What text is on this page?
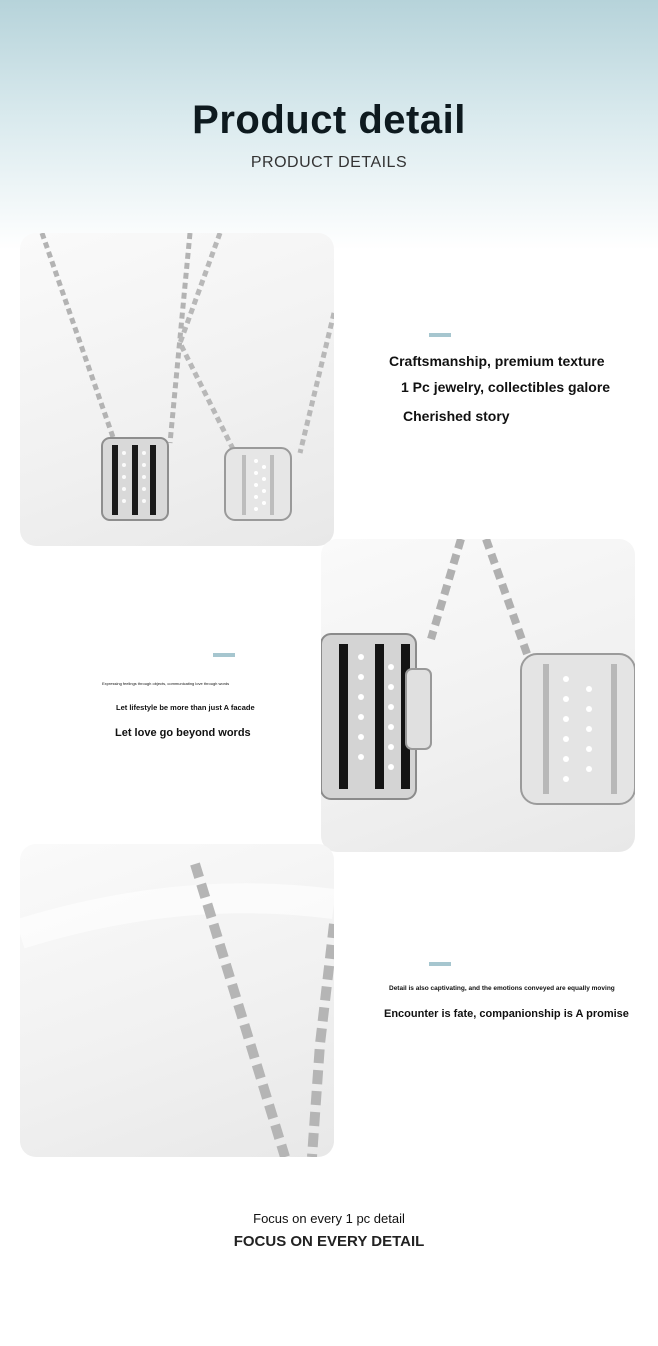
Product detail
PRODUCT DETAILS
Craftsmanship, premium texture
1 Pc jewelry, collectibles galore
Cherished story
Expressing feelings through objects, communicating love through words
Let lifestyle be more than just A facade
Let love go beyond words
Detail is also captivating, and the emotions conveyed are equally moving
Encounter is fate, companionship is A promise
Focus on every 1 pc detail
FOCUS ON EVERY DETAIL
